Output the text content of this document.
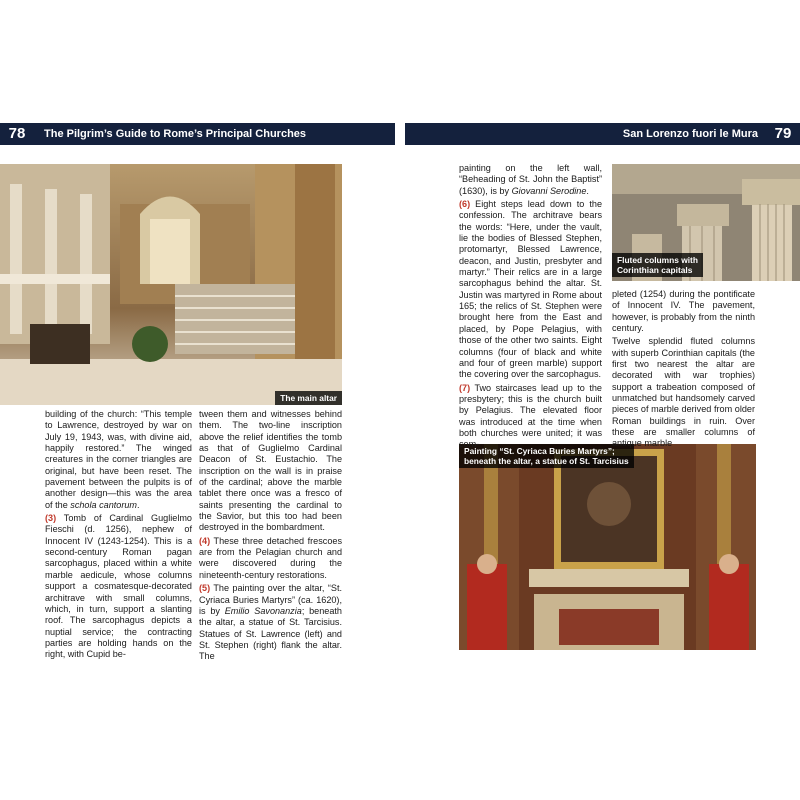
78	The Pilgrim’s Guide to Rome’s Principal Churches	San Lorenzo fuori le Mura	79
The main altar
Fluted columns with
Corinthian capitals
Painting “St. Cyriaca Buries Martyrs”;
beneath the altar, a statue of St. Tarcisius

building of the church: “This temple to Lawrence, destroyed by war on July 19, 1943, was, with divine aid, happily restored.” The winged creatures in the corner triangles are original, but have been reset. The pavement between the pulpits is of another design—this was the area of the schola cantorum.

(3) Tomb of Cardinal Guglielmo Fieschi (d. 1256), nephew of Innocent IV (1243-1254). This is a second-century Roman pagan sarcophagus, placed within a white marble aedicule, whose columns support a cosmatesque-decorated architrave with small columns, which, in turn, support a slanting roof. The sarcophagus depicts a nuptial service; the contracting parties are holding hands on the right, with Cupid be-

tween them and witnesses behind them. The two-line inscription above the relief identifies the tomb as that of Guglielmo Cardinal Deacon of St. Eustachio. The inscription on the wall is in praise of the cardinal; above the marble tablet there once was a fresco of saints presenting the cardinal to the Savior, but this too had been destroyed in the bombardment.

(4) These three detached frescoes are from the Pelagian church and were discovered during the nineteenth-century restorations.

(5) The painting over the altar, “St. Cyriaca Buries Martyrs” (ca. 1620), is by Emilio Savonanzia; beneath the altar, a statue of St. Tarcisius. Statues of St. Lawrence (left) and St. Stephen (right) flank the altar. The

painting on the left wall, “Beheading of St. John the Baptist” (1630), is by Giovanni Serodine.

(6) Eight steps lead down to the confession. The architrave bears the words: “Here, under the vault, lie the bodies of Blessed Stephen, protomartyr, Blessed Lawrence, deacon, and Justin, presbyter and martyr.” Their relics are in a large sarcophagus behind the altar. St. Justin was martyred in Rome about 165; the relics of St. Stephen were brought here from the East and placed, by Pope Pelagius, with those of the other two saints. Eight columns (four of black and white and four of green marble) support the covering over the sarcophagus.

(7) Two staircases lead up to the presbytery; this is the church built by Pelagius. The elevated floor was introduced at the time when both churches were united; it was com-

pleted (1254) during the pontificate of Innocent IV. The pavement, however, is probably from the ninth century.

Twelve splendid fluted columns with superb Corinthian capitals (the first two nearest the altar are decorated with war trophies) support a trabeation composed of unmatched but handsomely carved pieces of marble derived from older Roman buildings in ruin. Over these are smaller columns of antique marble
